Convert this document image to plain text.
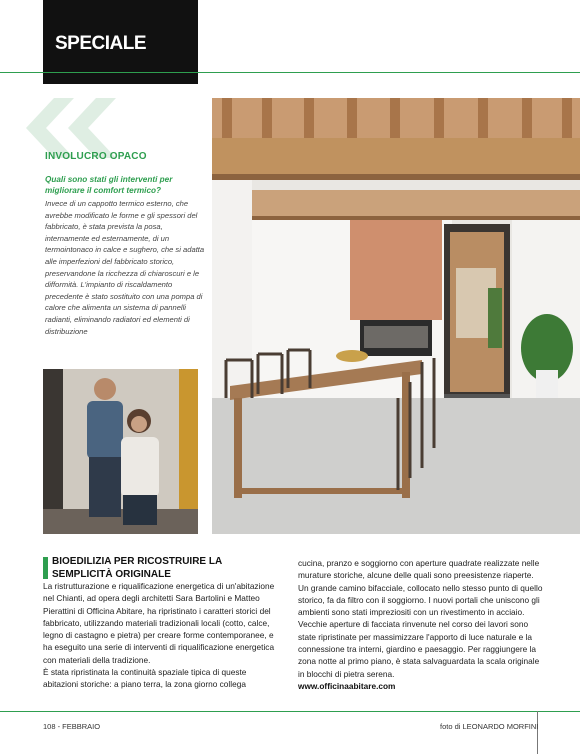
SPECIALE
INVOLUCRO OPACO
Quali sono stati gli interventi per migliorare il comfort termico?
Invece di un cappotto termico esterno, che avrebbe modificato le forme e gli spessori del fabbricato, è stata prevista la posa, internamente ed esternamente, di un termointonaco in calce e sughero, che si adatta alle imperfezioni del fabbricato storico, preservandone la ricchezza di chiaroscuri e le difformità. L'impianto di riscaldamento precedente è stato sostituito con una pompa di calore che alimenta un sistema di pannelli radianti, eliminando radiatori ed elementi di distribuzione
BIOEDILIZIA PER RICOSTRUIRE LA SEMPLICITÀ ORIGINALE

La ristrutturazione e riqualificazione energetica di un'abitazione nel Chianti, ad opera degli architetti Sara Bartolini e Matteo Pierattini di Officina Abitare, ha ripristinato i caratteri storici del fabbricato, utilizzando materiali tradizionali locali (cotto, calce, legno di castagno e pietra) per creare forme contemporanee, e ha eseguito una serie di interventi di riqualificazione energetica con materiali della tradizione.

È stata ripristinata la continuità spaziale tipica di queste abitazioni storiche: a piano terra, la zona giorno collega

cucina, pranzo e soggiorno con aperture quadrate realizzate nelle murature storiche, alcune delle quali sono preesistenze riaperte. Un grande camino bifacciale, collocato nello stesso punto di quello storico, fa da filtro con il soggiorno. I nuovi portali che uniscono gli ambienti sono stati impreziositi con un rivestimento in acciaio. Vecchie aperture di facciata rinvenute nel corso dei lavori sono state ripristinate per massimizzare l'apporto di luce naturale e la connessione tra interni, giardino e paesaggio. Per raggiungere la zona notte al primo piano, è stata salvaguardata la scala originale in blocchi di pietra serena.

www.officinaabitare.com

108 - FEBBRAIO	foto di LEONARDO MORFINI
